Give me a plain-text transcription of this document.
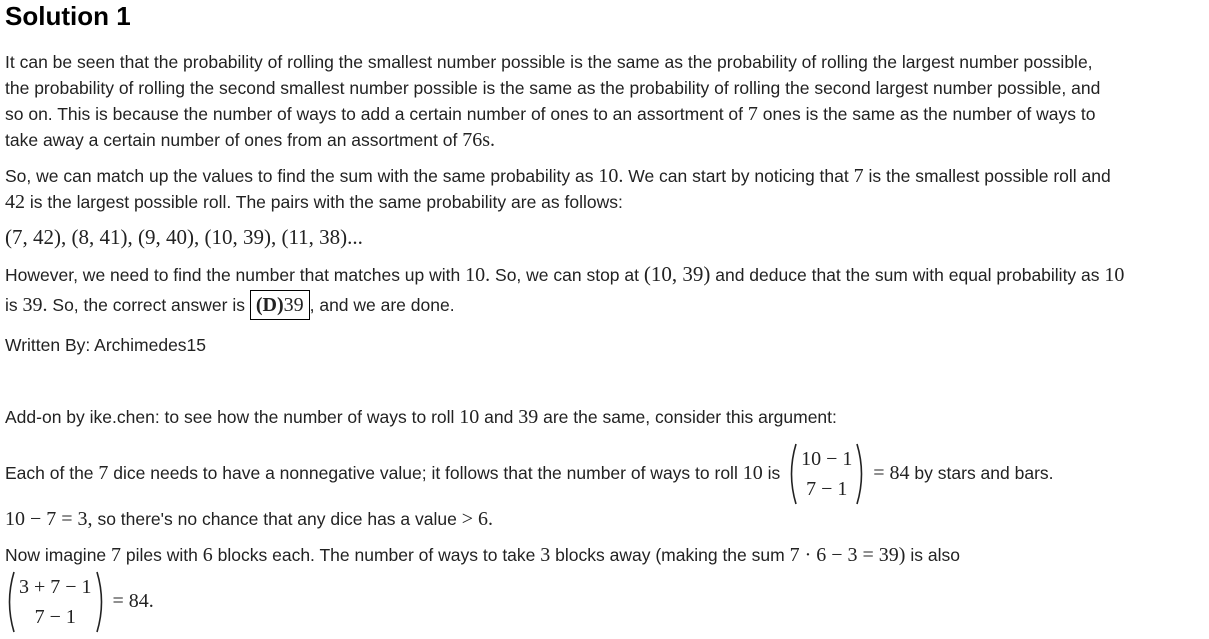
Solution 1

It can be seen that the probability of rolling the smallest number possible is the same as the probability of rolling the largest number possible,

the probability of rolling the second smallest number possible is the same as the probability of rolling the second largest number possible, and

so on. This is because the number of ways to add a certain number of ones to an assortment of 7 ones is the same as the number of ways to

take away a certain number of ones from an assortment of 76s.

So, we can match up the values to find the sum with the same probability as 10. We can start by noticing that 7 is the smallest possible roll and

42 is the largest possible roll. The pairs with the same probability are as follows:

(7, 42), (8, 41), (9, 40), (10, 39), (11, 38)...

However, we need to find the number that matches up with 10. So, we can stop at (10, 39) and deduce that the sum with equal probability as 10

is 39. So, the correct answer is (D)39 , and we are done.

Written By: Archimedes15

Add-on by ike.chen: to see how the number of ways to roll 10 and 39 are the same, consider this argument:

Each of the 7 dice needs to have a nonnegative value; it follows that the number of ways to roll 10 is
10 − 1
7 − 1
= 84 by stars and bars.

10 − 7 = 3, so there's no chance that any dice has a value > 6.

Now imagine 7 piles with 6 blocks each. The number of ways to take 3 blocks away (making the sum 7 · 6 − 3 = 39) is also

3 + 7 − 1
7 − 1
= 84.
